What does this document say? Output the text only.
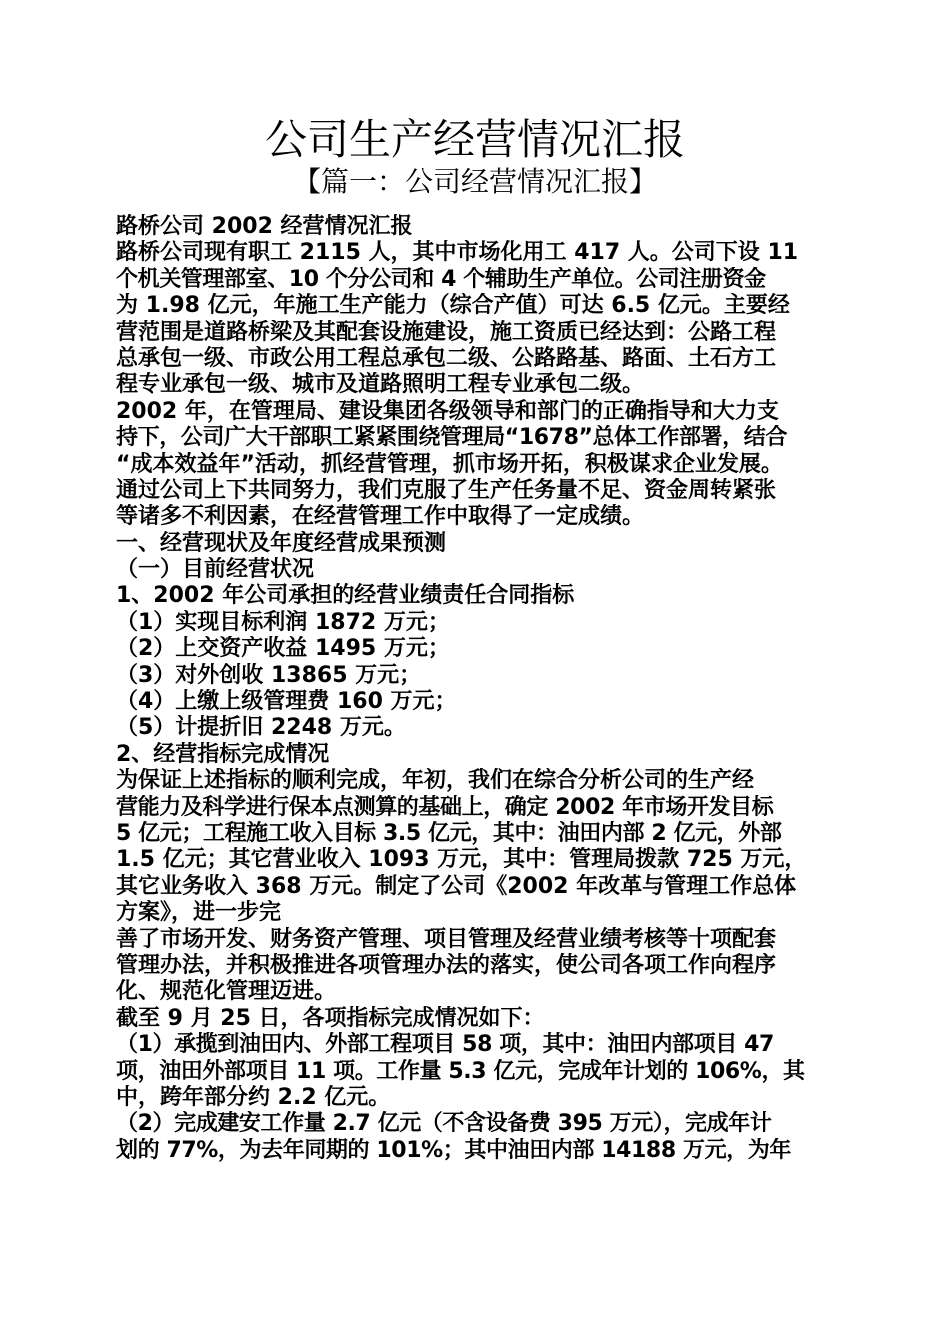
公司生产经营情况汇报
【篇一：公司经营情况汇报】
路桥公司 2002 经营情况汇报
路桥公司现有职工 2115 人，其中市场化用工 417 人。公司下设 11
个机关管理部室、10 个分公司和 4 个辅助生产单位。公司注册资金
为 1.98 亿元，年施工生产能力（综合产值）可达 6.5 亿元。主要经
营范围是道路桥梁及其配套设施建设，施工资质已经达到：公路工程
总承包一级、市政公用工程总承包二级、公路路基、路面、土石方工
程专业承包一级、城市及道路照明工程专业承包二级。
2002 年，在管理局、建设集团各级领导和部门的正确指导和大力支
持下，公司广大干部职工紧紧围绕管理局“1678”总体工作部署，结合
“成本效益年”活动，抓经营管理，抓市场开拓，积极谋求企业发展。
通过公司上下共同努力，我们克服了生产任务量不足、资金周转紧张
等诸多不利因素，在经营管理工作中取得了一定成绩。
一、经营现状及年度经营成果预测
（一）目前经营状况
1、2002 年公司承担的经营业绩责任合同指标
（1）实现目标利润 1872 万元；
（2）上交资产收益 1495 万元；
（3）对外创收 13865 万元；
（4）上缴上级管理费 160 万元；
（5）计提折旧 2248 万元。
2、经营指标完成情况
为保证上述指标的顺利完成，年初，我们在综合分析公司的生产经
营能力及科学进行保本点测算的基础上，确定 2002 年市场开发目标
5 亿元；工程施工收入目标 3.5 亿元，其中：油田内部 2 亿元，外部
1.5 亿元；其它营业收入 1093 万元，其中：管理局拨款 725 万元，
其它业务收入 368 万元。制定了公司《2002 年改革与管理工作总体
方案》，进一步完
善了市场开发、财务资产管理、项目管理及经营业绩考核等十项配套
管理办法，并积极推进各项管理办法的落实，使公司各项工作向程序
化、规范化管理迈进。
截至 9 月 25 日，各项指标完成情况如下：
（1）承揽到油田内、外部工程项目 58 项，其中：油田内部项目 47
项，油田外部项目 11 项。工作量 5.3 亿元，完成年计划的 106%，其
中，跨年部分约 2.2 亿元。
（2）完成建安工作量 2.7 亿元（不含设备费 395 万元），完成年计
划的 77%，为去年同期的 101%；其中油田内部 14188 万元，为年
